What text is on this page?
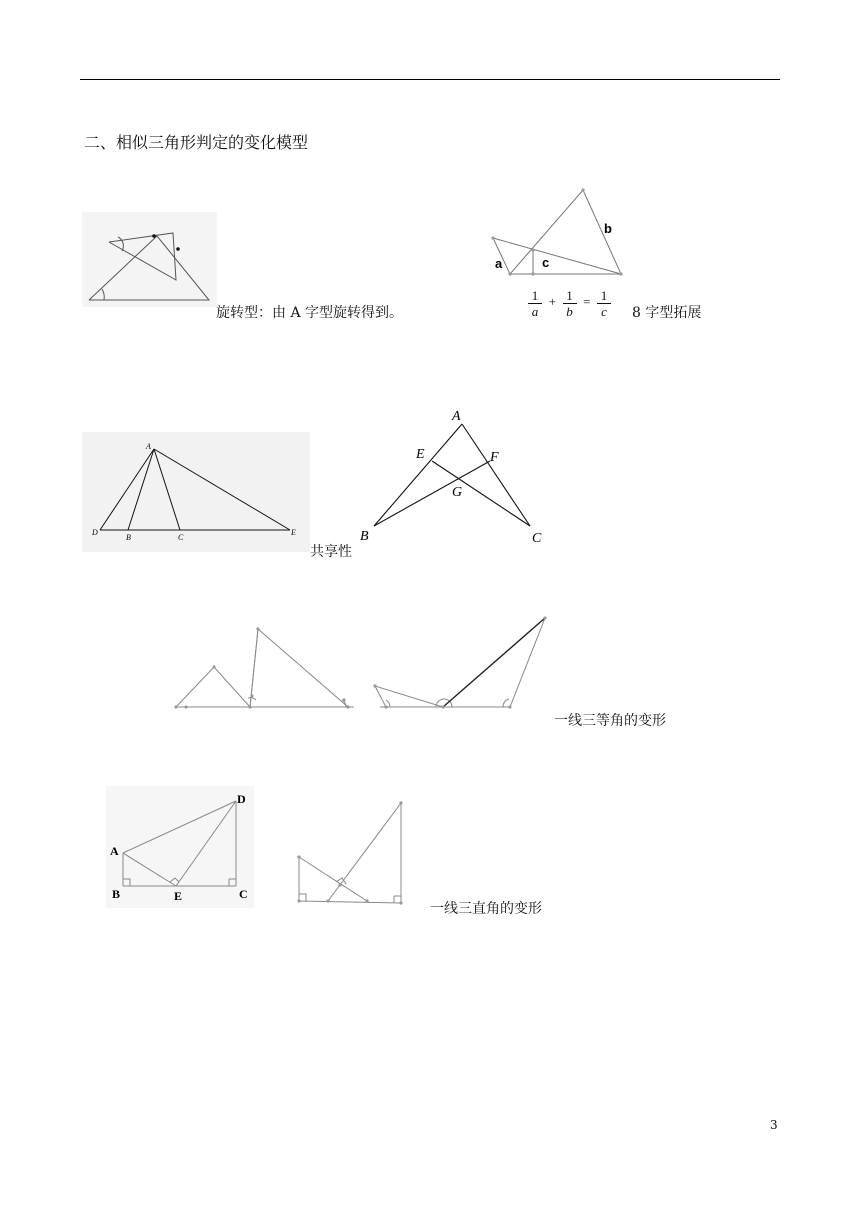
二、相似三角形判定的变化模型
旋转型：由 A 字型旋转得到。
a	c
b
$\frac{1}{a} + \frac{1}{b} = \frac{1}{c} 8$ 字型拓展
A
D
B	C
E
共享性
A
E	F
G
B	C
一线三等角的变形
A
B	E	C
D
一线三直角的变形
3
